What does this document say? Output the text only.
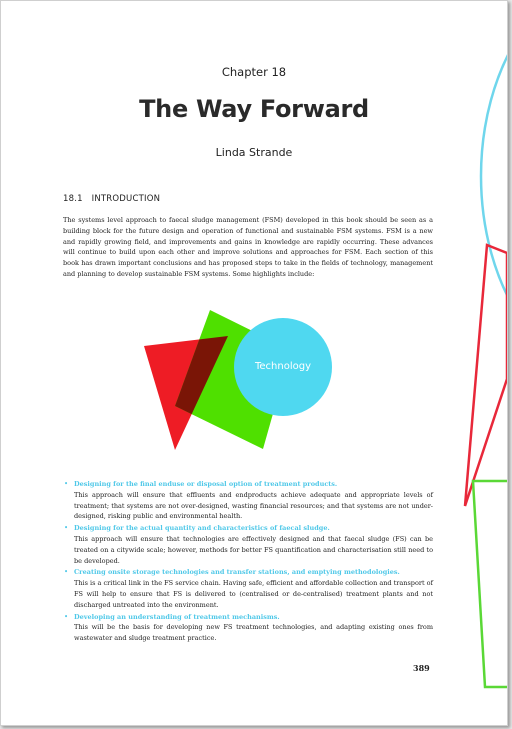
Chapter 18
The Way Forward
Linda Strande
18.1 INTRODUCTION

The systems level approach to faecal sludge management (FSM) developed in this book should be seen as a building block for the future design and operation of functional and sustainable FSM systems. FSM is a new and rapidly growing field, and improvements and gains in knowledge are rapidly occurring. These advances will continue to build upon each other and improve solutions and approaches for FSM. Each section of this book has drawn important conclusions and has proposed steps to take in the fields of technology, management and planning to develop sustainable FSM systems. Some highlights include:

Technology
• Designing for the final enduse or disposal option of treatment products.

This approach will ensure that effluents and endproducts achieve adequate and appropriate levels of treatment; that systems are not over-designed, wasting financial resources; and that systems are not under-designed, risking public and environmental health.

• Designing for the actual quantity and characteristics of faecal sludge.

This approach will ensure that technologies are effectively designed and that faecal sludge (FS) can be treated on a citywide scale; however, methods for better FS quantification and characterisation still need to be developed.

• Creating onsite storage technologies and transfer stations, and emptying methodologies.

This is a critical link in the FS service chain. Having safe, efficient and affordable collection and transport of FS will help to ensure that FS is delivered to (centralised or de-centralised) treatment plants and not discharged untreated into the environment.

• Developing an understanding of treatment mechanisms.

This will be the basis for developing new FS treatment technologies, and adapting existing ones from wastewater and sludge treatment practice.

389
